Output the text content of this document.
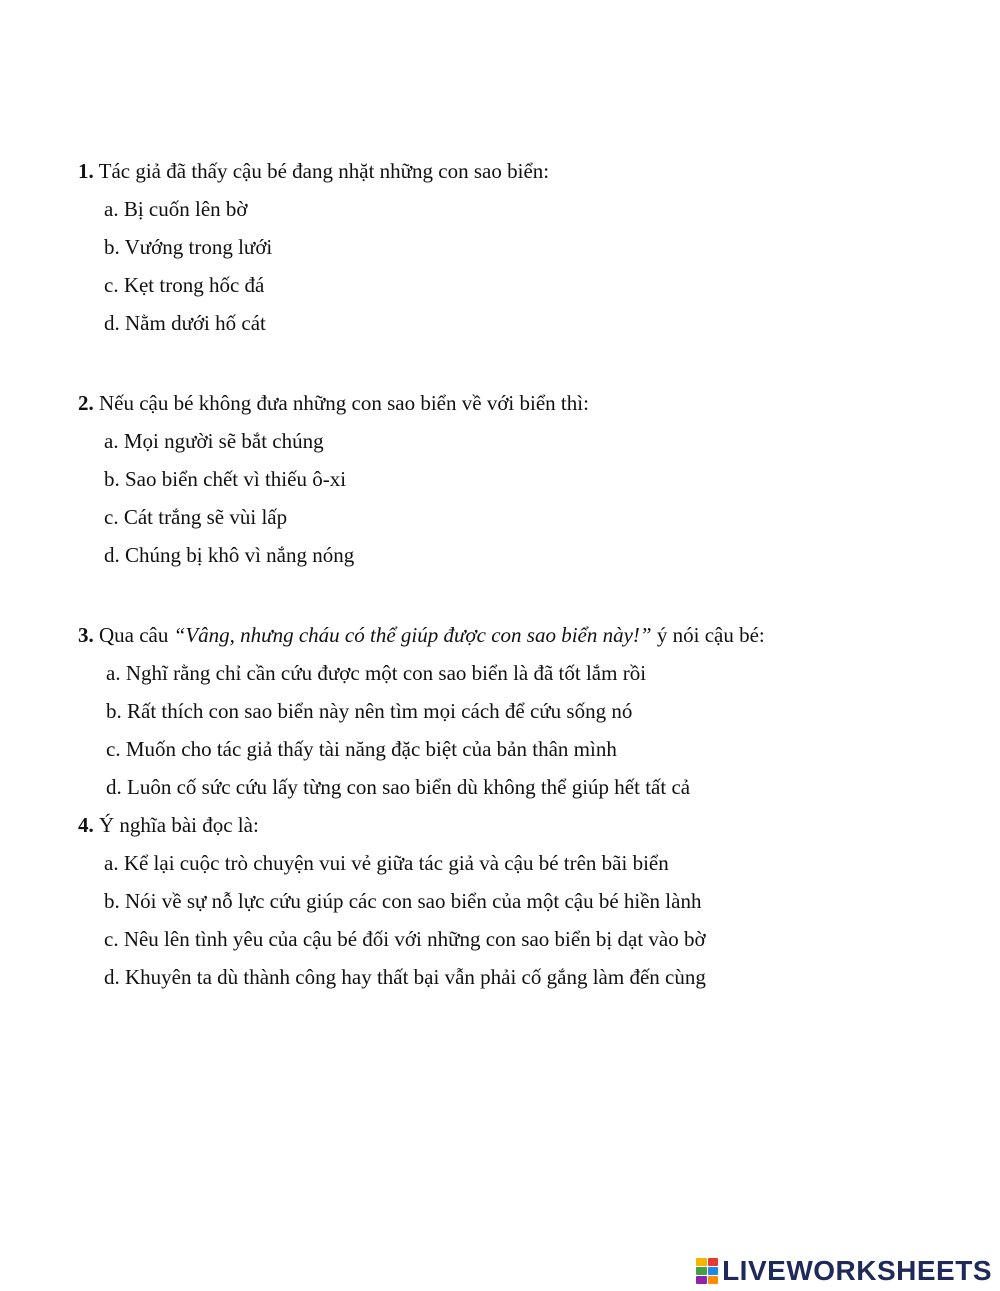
1. Tác giả đã thấy cậu bé đang nhặt những con sao biển:
a. Bị cuốn lên bờ
b. Vướng trong lưới
c. Kẹt trong hốc đá
d. Nằm dưới hố cát
2. Nếu cậu bé không đưa những con sao biển về với biển thì:
a. Mọi người sẽ bắt chúng
b. Sao biển chết vì thiếu ô-xi
c. Cát trắng sẽ vùi lấp
d. Chúng bị khô vì nắng nóng
3. Qua câu “Vâng, nhưng cháu có thể giúp được con sao biển này!” ý nói cậu bé:
a. Nghĩ rằng chỉ cần cứu được một con sao biển là đã tốt lắm rồi
b. Rất thích con sao biển này nên tìm mọi cách để cứu sống nó
c. Muốn cho tác giả thấy tài năng đặc biệt của bản thân mình
d. Luôn cố sức cứu lấy từng con sao biển dù không thể giúp hết tất cả
4. Ý nghĩa bài đọc là:
a. Kể lại cuộc trò chuyện vui vẻ giữa tác giả và cậu bé trên bãi biển
b. Nói về sự nỗ lực cứu giúp các con sao biển của một cậu bé hiền lành
c. Nêu lên tình yêu của cậu bé đối với những con sao biển bị dạt vào bờ
d. Khuyên ta dù thành công hay thất bại vẫn phải cố gắng làm đến cùng
LIVEWORKSHEETS
